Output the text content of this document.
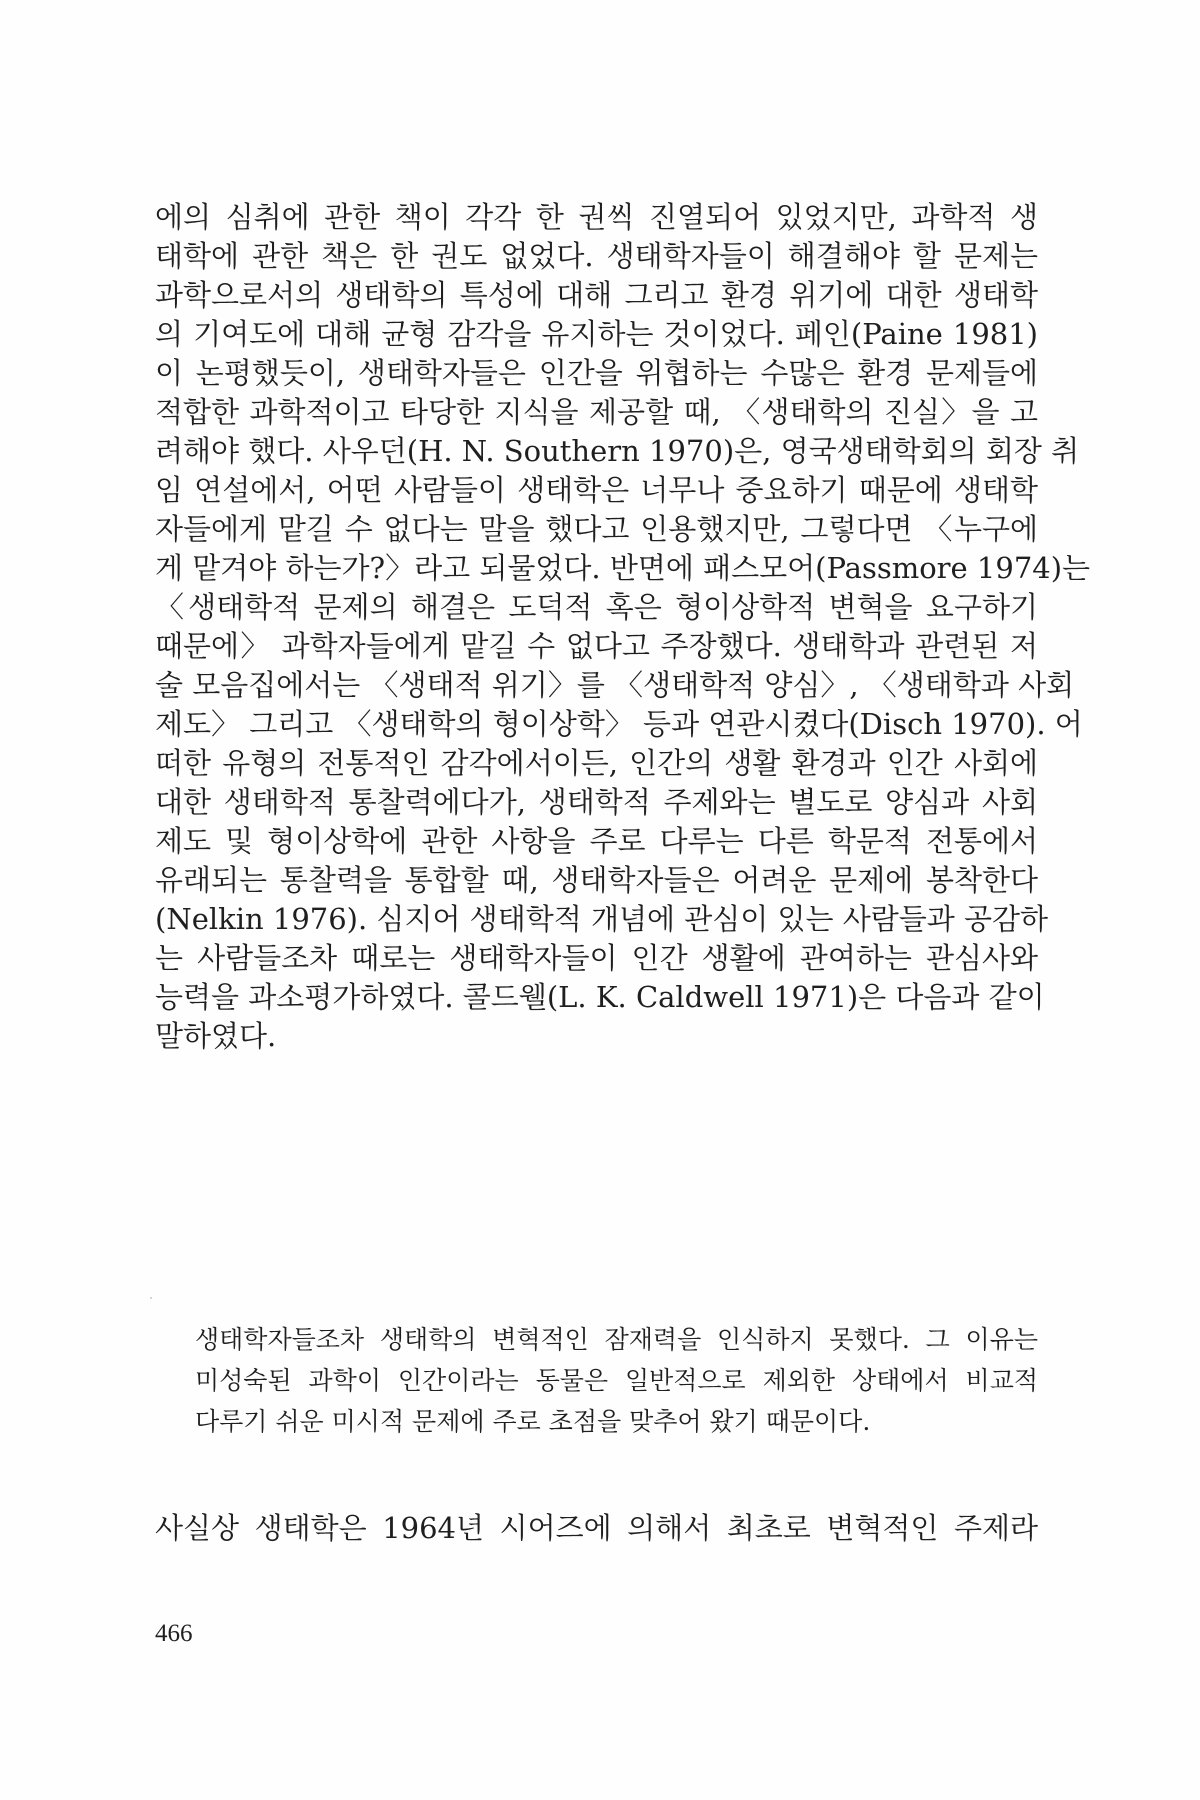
에의 심취에 관한 책이 각각 한 권씩 진열되어 있었지만, 과학적 생
태학에 관한 책은 한 권도 없었다. 생태학자들이 해결해야 할 문제는
과학으로서의 생태학의 특성에 대해 그리고 환경 위기에 대한 생태학
의 기여도에 대해 균형 감각을 유지하는 것이었다. 페인(Paine 1981)
이 논평했듯이, 생태학자들은 인간을 위협하는 수많은 환경 문제들에
적합한 과학적이고 타당한 지식을 제공할 때, 〈생태학의 진실〉을 고
려해야 했다. 사우던(H. N. Southern 1970)은, 영국생태학회의 회장 취
임 연설에서, 어떤 사람들이 생태학은 너무나 중요하기 때문에 생태학
자들에게 맡길 수 없다는 말을 했다고 인용했지만, 그렇다면 〈누구에
게 맡겨야 하는가?〉라고 되물었다. 반면에 패스모어(Passmore 1974)는
〈생태학적 문제의 해결은 도덕적 혹은 형이상학적 변혁을 요구하기
때문에〉 과학자들에게 맡길 수 없다고 주장했다. 생태학과 관련된 저
술 모음집에서는 〈생태적 위기〉를 〈생태학적 양심〉, 〈생태학과 사회
제도〉 그리고 〈생태학의 형이상학〉 등과 연관시켰다(Disch 1970). 어
떠한 유형의 전통적인 감각에서이든, 인간의 생활 환경과 인간 사회에
대한 생태학적 통찰력에다가, 생태학적 주제와는 별도로 양심과 사회
제도 및 형이상학에 관한 사항을 주로 다루는 다른 학문적 전통에서
유래되는 통찰력을 통합할 때, 생태학자들은 어려운 문제에 봉착한다
(Nelkin 1976). 심지어 생태학적 개념에 관심이 있는 사람들과 공감하
는 사람들조차 때로는 생태학자들이 인간 생활에 관여하는 관심사와
능력을 과소평가하였다. 콜드웰(L. K. Caldwell 1971)은 다음과 같이
말하였다.
생태학자들조차 생태학의 변혁적인 잠재력을 인식하지 못했다. 그 이유는
미성숙된 과학이 인간이라는 동물은 일반적으로 제외한 상태에서 비교적
다루기 쉬운 미시적 문제에 주로 초점을 맞추어 왔기 때문이다.
사실상 생태학은 1964년 시어즈에 의해서 최초로 변혁적인 주제라
466
